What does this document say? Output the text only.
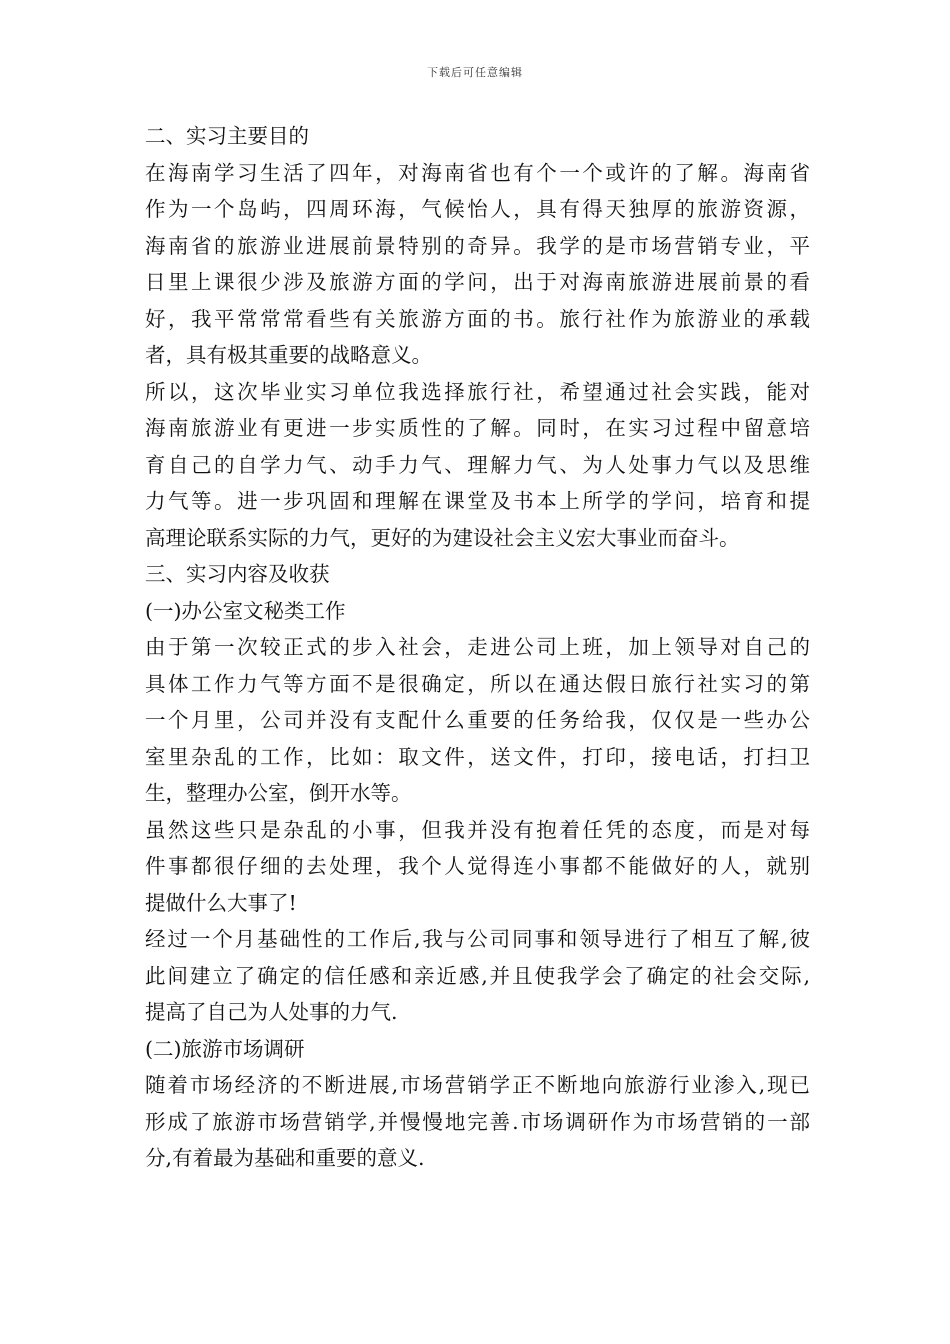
下载后可任意编辑
二、实习主要目的
在海南学习生活了四年，对海南省也有个一个或许的了解。海南省
作为一个岛屿，四周环海，气候怡人，具有得天独厚的旅游资源，
海南省的旅游业进展前景特别的奇异。我学的是市场营销专业，平
日里上课很少涉及旅游方面的学问，出于对海南旅游进展前景的看
好，我平常常常看些有关旅游方面的书。旅行社作为旅游业的承载
者，具有极其重要的战略意义。
所以，这次毕业实习单位我选择旅行社，希望通过社会实践，能对
海南旅游业有更进一步实质性的了解。同时，在实习过程中留意培
育自己的自学力气、动手力气、理解力气、为人处事力气以及思维
力气等。进一步巩固和理解在课堂及书本上所学的学问，培育和提
高理论联系实际的力气，更好的为建设社会主义宏大事业而奋斗。
三、实习内容及收获
(一)办公室文秘类工作
由于第一次较正式的步入社会，走进公司上班，加上领导对自己的
具体工作力气等方面不是很确定，所以在通达假日旅行社实习的第
一个月里，公司并没有支配什么重要的任务给我，仅仅是一些办公
室里杂乱的工作，比如：取文件，送文件，打印，接电话，打扫卫
生，整理办公室，倒开水等。
虽然这些只是杂乱的小事，但我并没有抱着任凭的态度，而是对每
件事都很仔细的去处理，我个人觉得连小事都不能做好的人，就别
提做什么大事了!
经过一个月基础性的工作后,我与公司同事和领导进行了相互了解,彼
此间建立了确定的信任感和亲近感,并且使我学会了确定的社会交际,
提高了自己为人处事的力气.
(二)旅游市场调研
随着市场经济的不断进展,市场营销学正不断地向旅游行业渗入,现已
形成了旅游市场营销学,并慢慢地完善.市场调研作为市场营销的一部
分,有着最为基础和重要的意义.
